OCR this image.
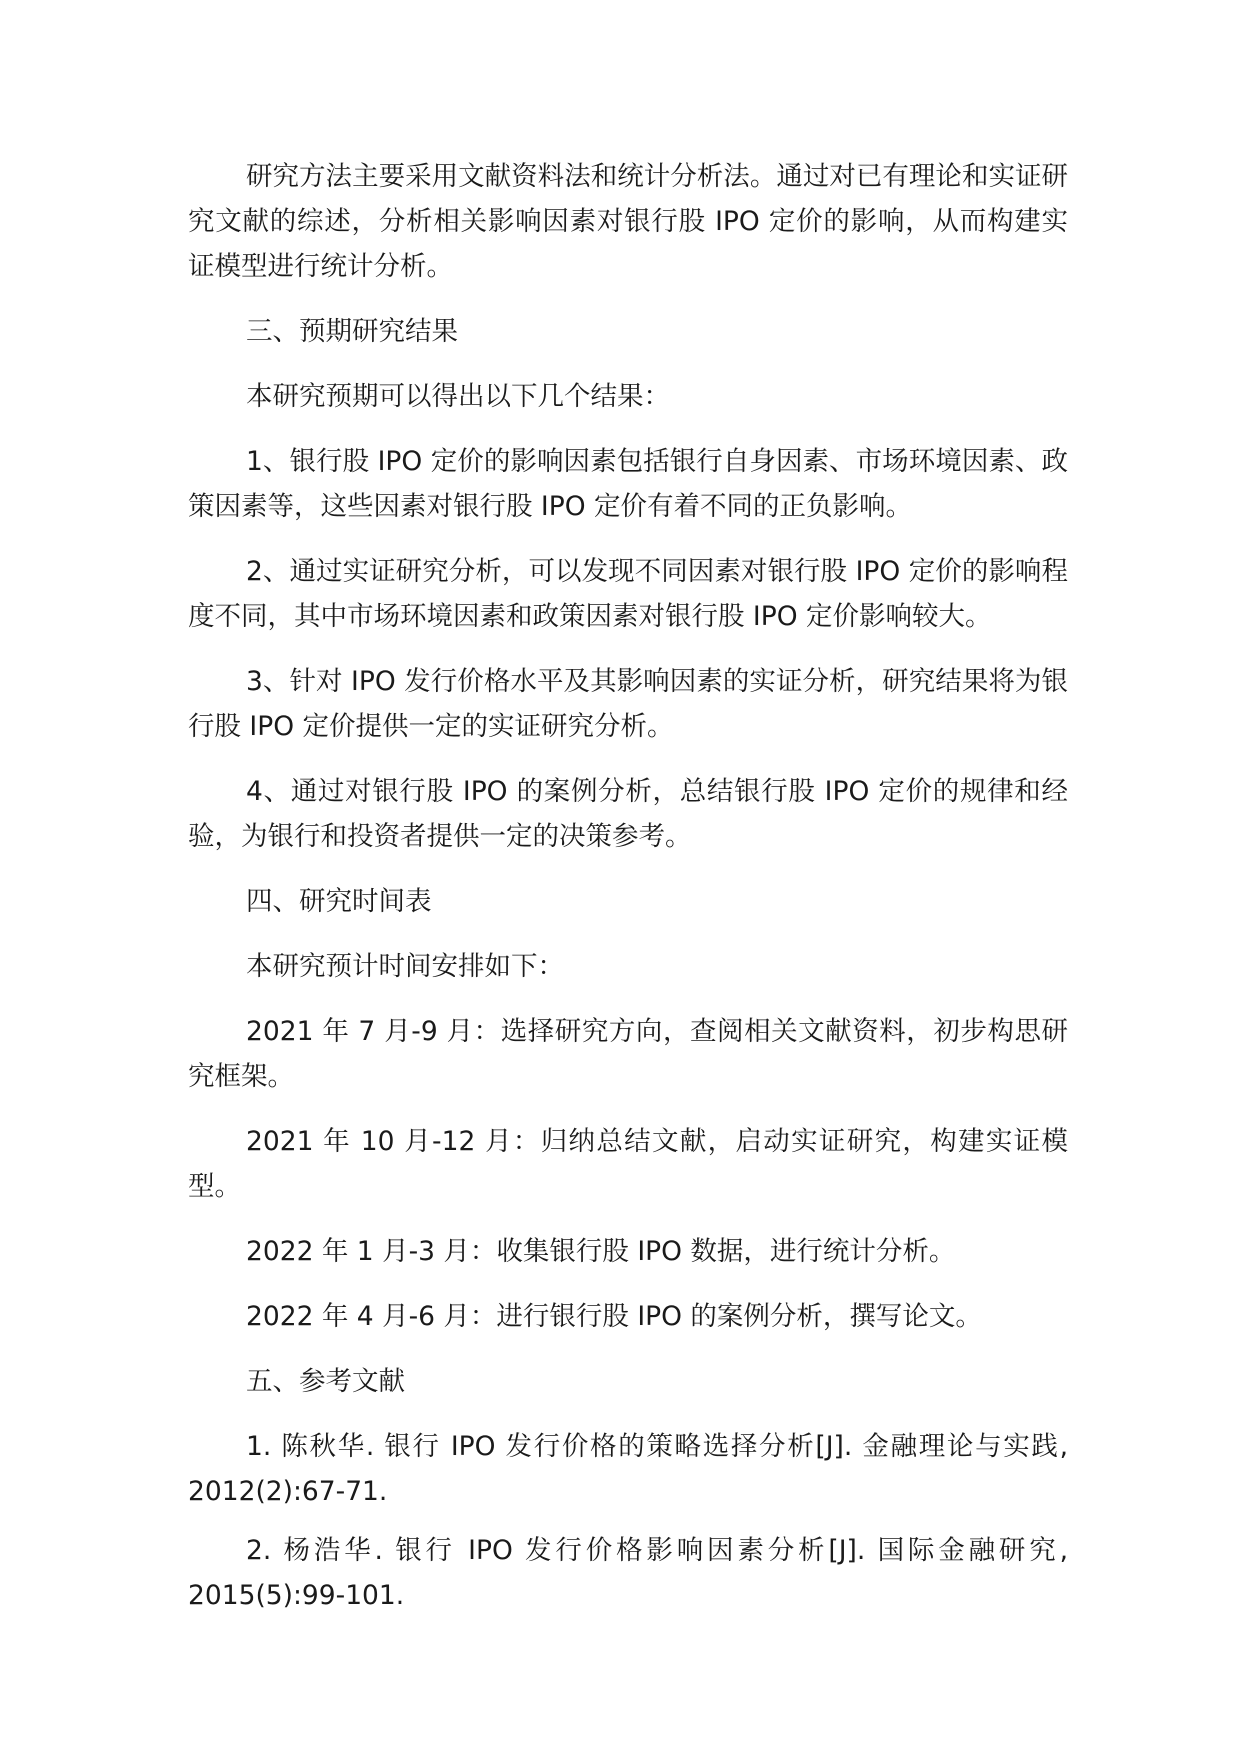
研究方法主要采用文献资料法和统计分析法。通过对已有理论和实证研究文献的综述，分析相关影响因素对银行股 IPO 定价的影响，从而构建实证模型进行统计分析。

三、预期研究结果

本研究预期可以得出以下几个结果：

1、银行股 IPO 定价的影响因素包括银行自身因素、市场环境因素、政策因素等，这些因素对银行股 IPO 定价有着不同的正负影响。

2、通过实证研究分析，可以发现不同因素对银行股 IPO 定价的影响程度不同，其中市场环境因素和政策因素对银行股 IPO 定价影响较大。

3、针对 IPO 发行价格水平及其影响因素的实证分析，研究结果将为银行股 IPO 定价提供一定的实证研究分析。

4、通过对银行股 IPO 的案例分析，总结银行股 IPO 定价的规律和经验，为银行和投资者提供一定的决策参考。

四、研究时间表

本研究预计时间安排如下：

2021 年 7 月-9 月：选择研究方向，查阅相关文献资料，初步构思研究框架。

2021 年 10 月-12 月：归纳总结文献，启动实证研究，构建实证模型。

2022 年 1 月-3 月：收集银行股 IPO 数据，进行统计分析。

2022 年 4 月-6 月：进行银行股 IPO 的案例分析，撰写论文。

五、参考文献

1. 陈秋华. 银行 IPO 发行价格的策略选择分析[J]. 金融理论与实践, 2012(2):67-71.

2. 杨浩华. 银行 IPO 发行价格影响因素分析[J]. 国际金融研究, 2015(5):99-101.
